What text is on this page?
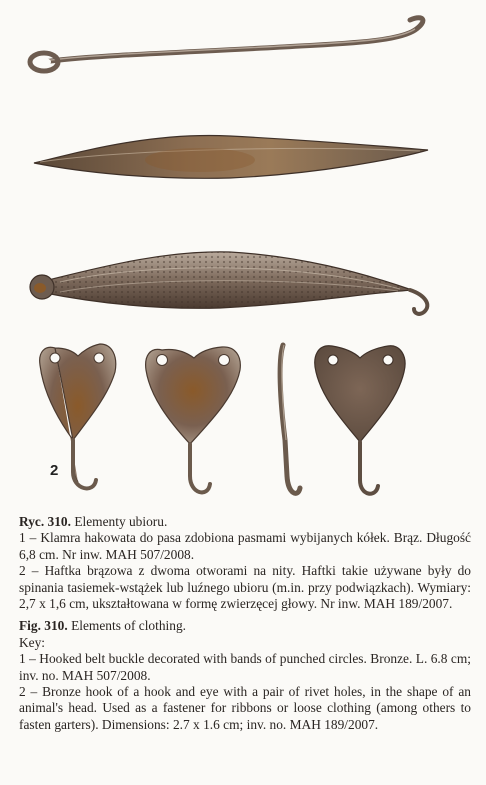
2

Ryc. 310. Elementy ubioru.

1 – Klamra hakowata do pasa zdobiona pasmami wybijanych kółek. Brąz. Długość 6,8 cm. Nr inw. MAH 507/2008.

2 – Haftka brązowa z dwoma otworami na nity. Haftki takie używane były do spinania tasiemek-wstążek lub luźnego ubioru (m.in. przy podwiązkach). Wymiary: 2,7 x 1,6 cm, ukształtowana w formę zwierzęcej głowy. Nr inw. MAH 189/2007.

Fig. 310. Elements of clothing.

Key:

1 – Hooked belt buckle decorated with bands of punched circles. Bronze. L. 6.8 cm; inv. no. MAH 507/2008.

2 – Bronze hook of a hook and eye with a pair of rivet holes, in the shape of an animal's head. Used as a fastener for ribbons or loose clothing (among others to fasten garters). Dimensions: 2.7 x 1.6 cm; inv. no. MAH 189/2007.
